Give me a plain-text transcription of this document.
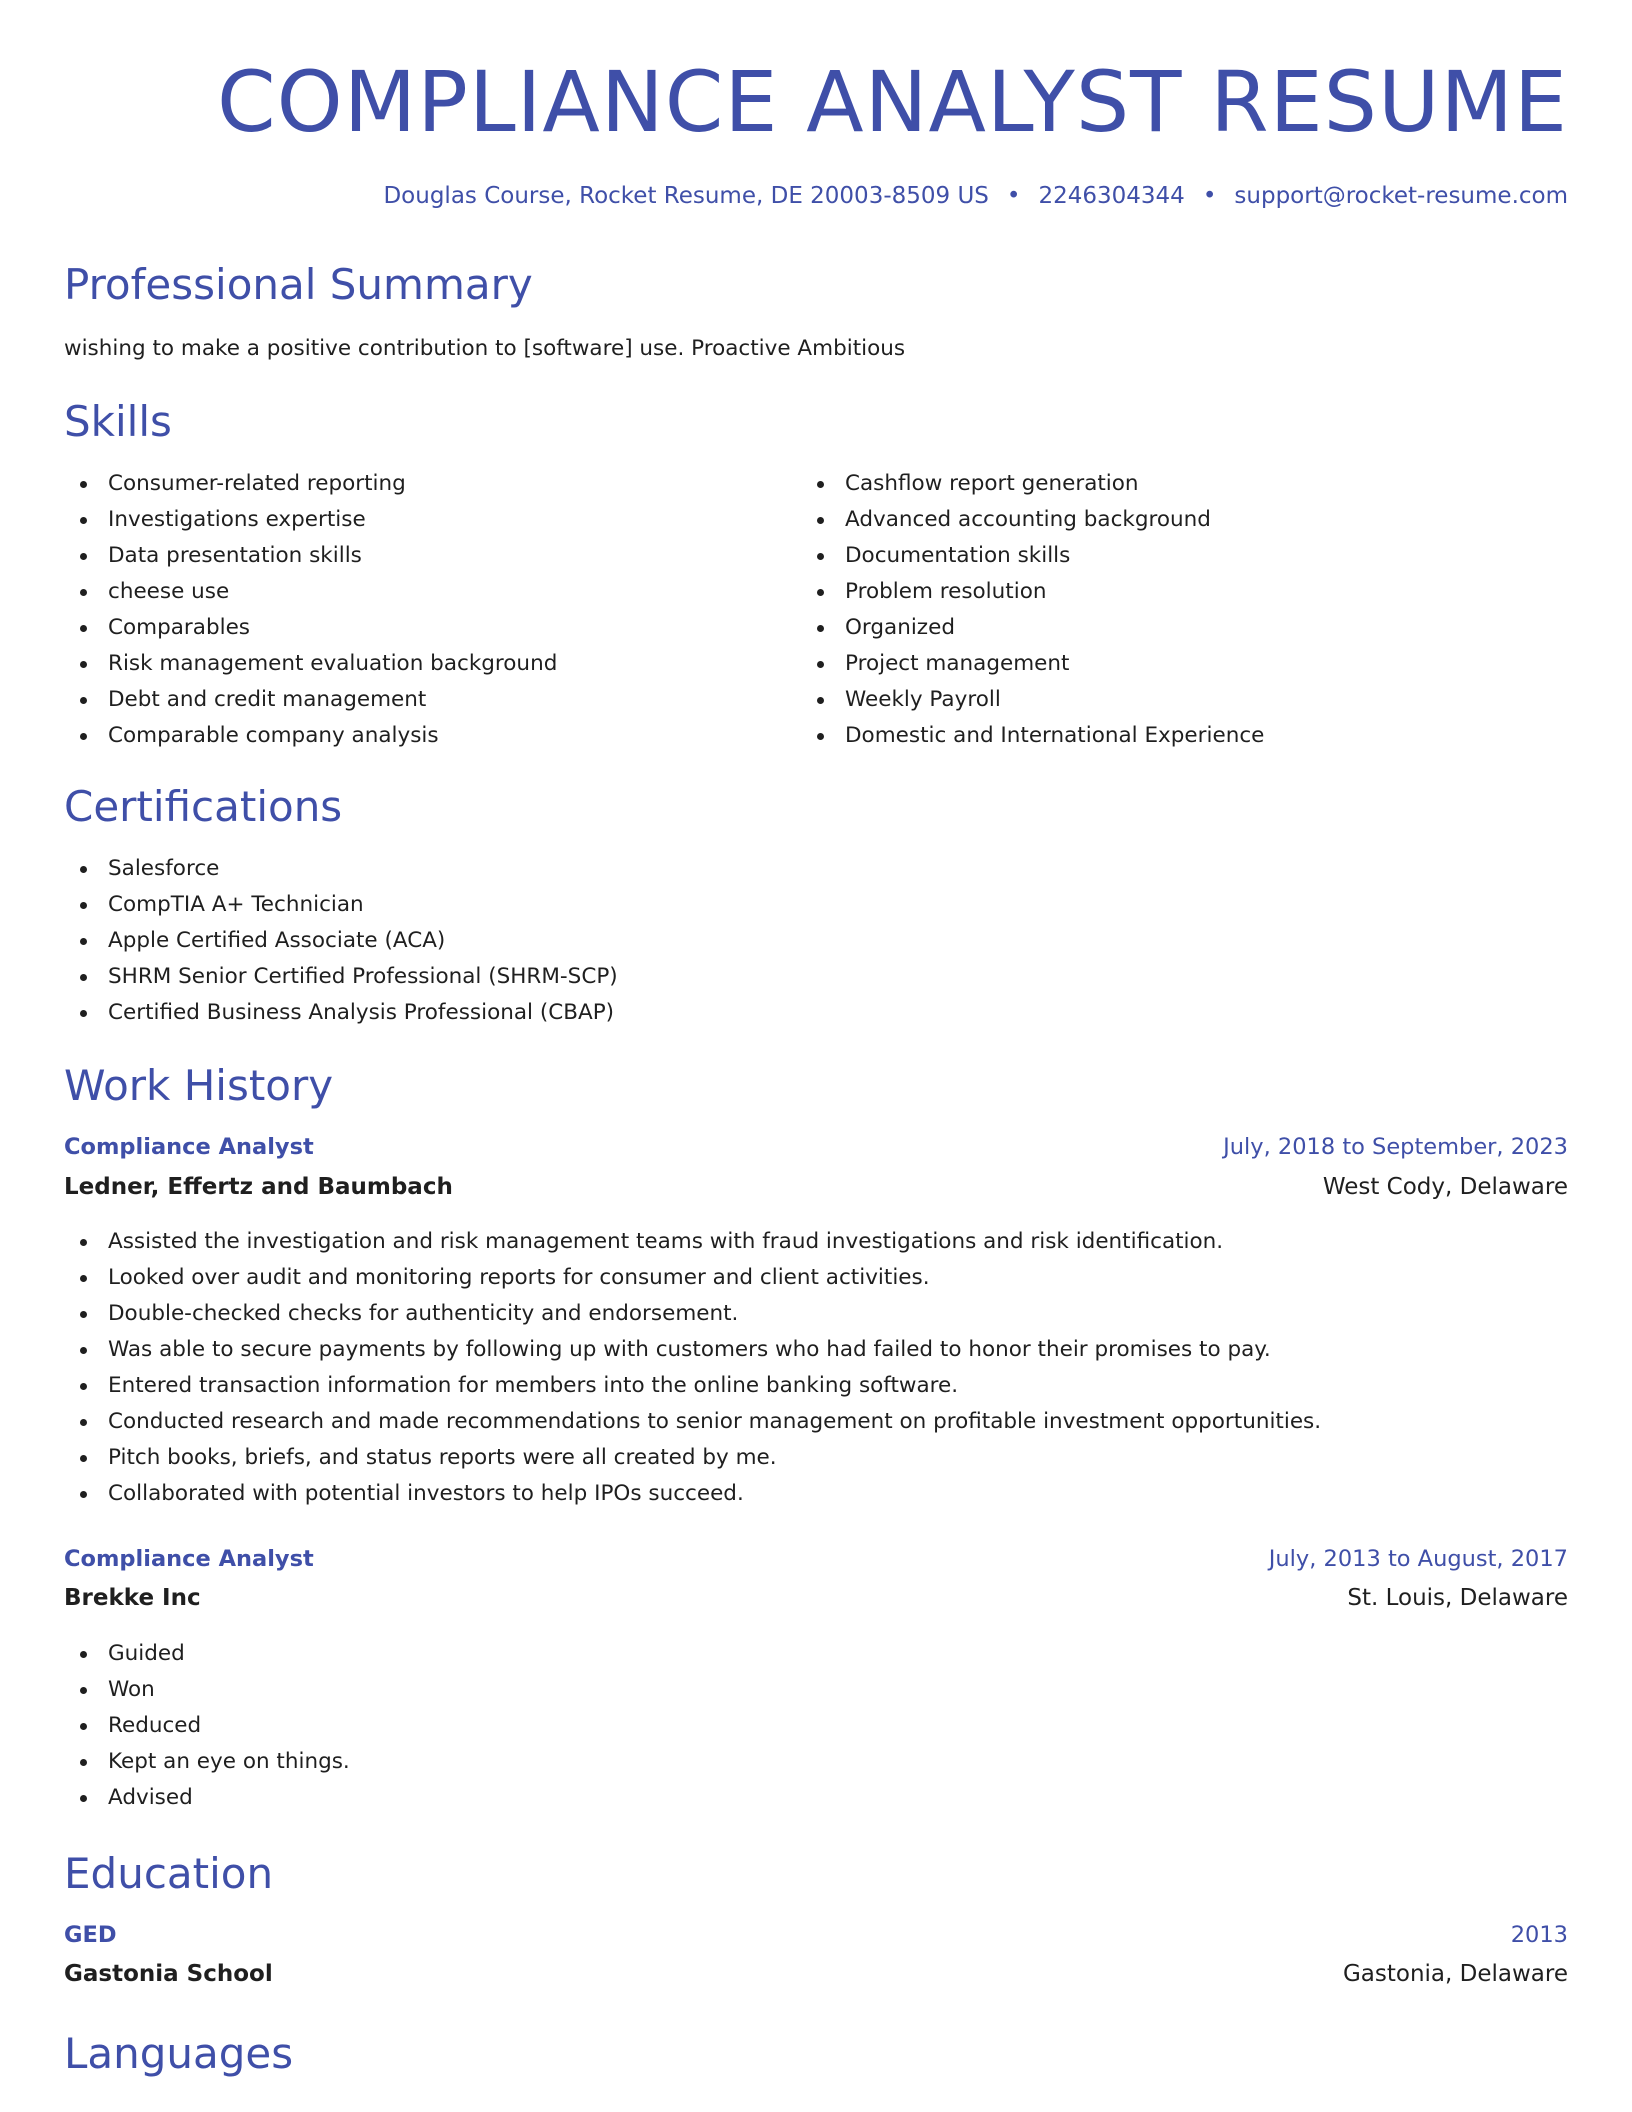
COMPLIANCE ANALYST RESUME
Douglas Course, Rocket Resume, DE 20003-8509 US • 2246304344 • support@rocket-resume.com
Professional Summary

wishing to make a positive contribution to [software] use. Proactive Ambitious

Skills
Consumer-related reporting
Investigations expertise
Data presentation skills
cheese use
Comparables
Risk management evaluation background
Debt and credit management
Comparable company analysis
Cashflow report generation
Advanced accounting background
Documentation skills
Problem resolution
Organized
Project management
Weekly Payroll
Domestic and International Experience
Certifications
Salesforce
CompTIA A+ Technician
Apple Certified Associate (ACA)
SHRM Senior Certified Professional (SHRM-SCP)
Certified Business Analysis Professional (CBAP)
Work History
Compliance Analyst	July, 2018 to September, 2023
Ledner, Effertz and Baumbach	West Cody, Delaware
Assisted the investigation and risk management teams with fraud investigations and risk identification.
Looked over audit and monitoring reports for consumer and client activities.
Double-checked checks for authenticity and endorsement.
Was able to secure payments by following up with customers who had failed to honor their promises to pay.
Entered transaction information for members into the online banking software.
Conducted research and made recommendations to senior management on profitable investment opportunities.
Pitch books, briefs, and status reports were all created by me.
Collaborated with potential investors to help IPOs succeed.
Compliance Analyst	July, 2013 to August, 2017
Brekke Inc	St. Louis, Delaware
Guided
Won
Reduced
Kept an eye on things.
Advised
Education
GED	2013
Gastonia School	Gastonia, Delaware
Languages
